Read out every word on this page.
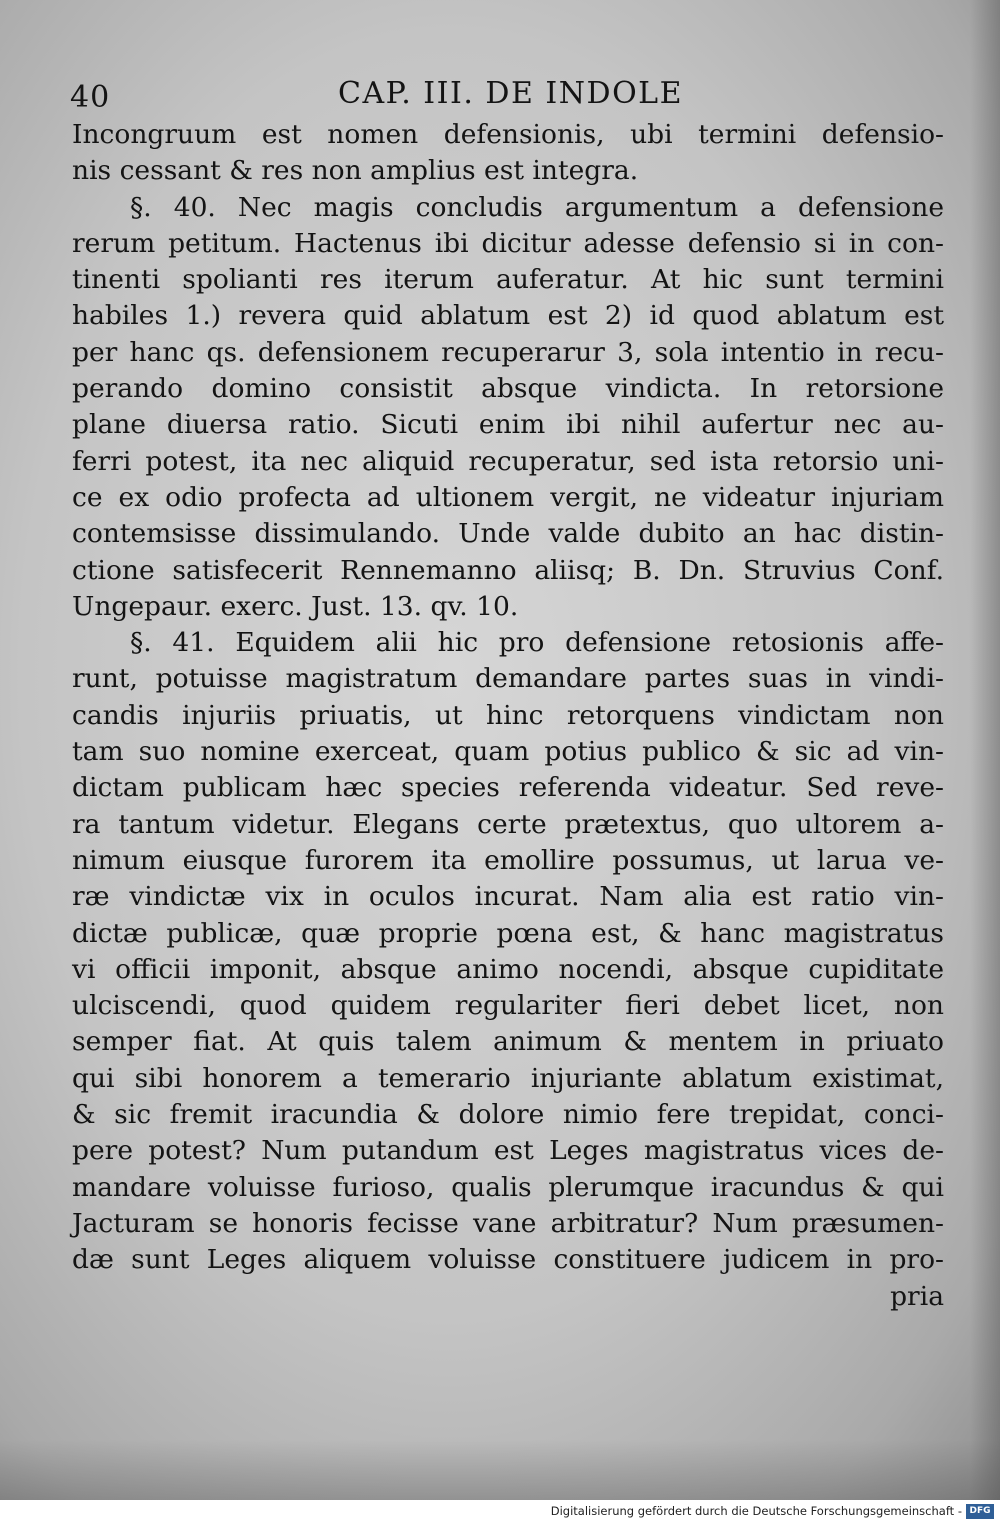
40	CAP. III. DE INDOLE
Incongruum est nomen defensionis, ubi termini defensio-
nis cessant & res non amplius est integra.
§. 40. Nec magis concludis argumentum a defensione
rerum petitum. Hactenus ibi dicitur adesse defensio si in con-
tinenti spolianti res iterum auferatur. At hic sunt termini
habiles 1.) revera quid ablatum est 2) id quod ablatum est
per hanc qs. defensionem recuperarur 3, sola intentio in recu-
perando domino consistit absque vindicta. In retorsione
plane diuersa ratio. Sicuti enim ibi nihil aufertur nec au-
ferri potest, ita nec aliquid recuperatur, sed ista retorsio uni-
ce ex odio profecta ad ultionem vergit, ne videatur injuriam
contemsisse dissimulando. Unde valde dubito an hac distin-
ctione satisfecerit Rennemanno aliisq; B. Dn. Struvius Conf.
Ungepaur. exerc. Just. 13. qv. 10.
§. 41. Equidem alii hic pro defensione retosionis affe-
runt, potuisse magistratum demandare partes suas in vindi-
candis injuriis priuatis, ut hinc retorquens vindictam non
tam suo nomine exerceat, quam potius publico & sic ad vin-
dictam publicam hæc species referenda videatur. Sed reve-
ra tantum videtur. Elegans certe prætextus, quo ultorem a-
nimum eiusque furorem ita emollire possumus, ut larua ve-
ræ vindictæ vix in oculos incurat. Nam alia est ratio vin-
dictæ publicæ, quæ proprie pœna est, & hanc magistratus
vi officii imponit, absque animo nocendi, absque cupiditate
ulciscendi, quod quidem regulariter fieri debet licet, non
semper fiat. At quis talem animum & mentem in priuato
qui sibi honorem a temerario injuriante ablatum existimat,
& sic fremit iracundia & dolore nimio fere trepidat, conci-
pere potest? Num putandum est Leges magistratus vices de-
mandare voluisse furioso, qualis plerumque iracundus & qui
Jacturam se honoris fecisse vane arbitratur? Num præsumen-
dæ sunt Leges aliquem voluisse constituere judicem in pro-
pria
Digitalisierung gefördert durch die Deutsche Forschungsgemeinschaft - DFG
